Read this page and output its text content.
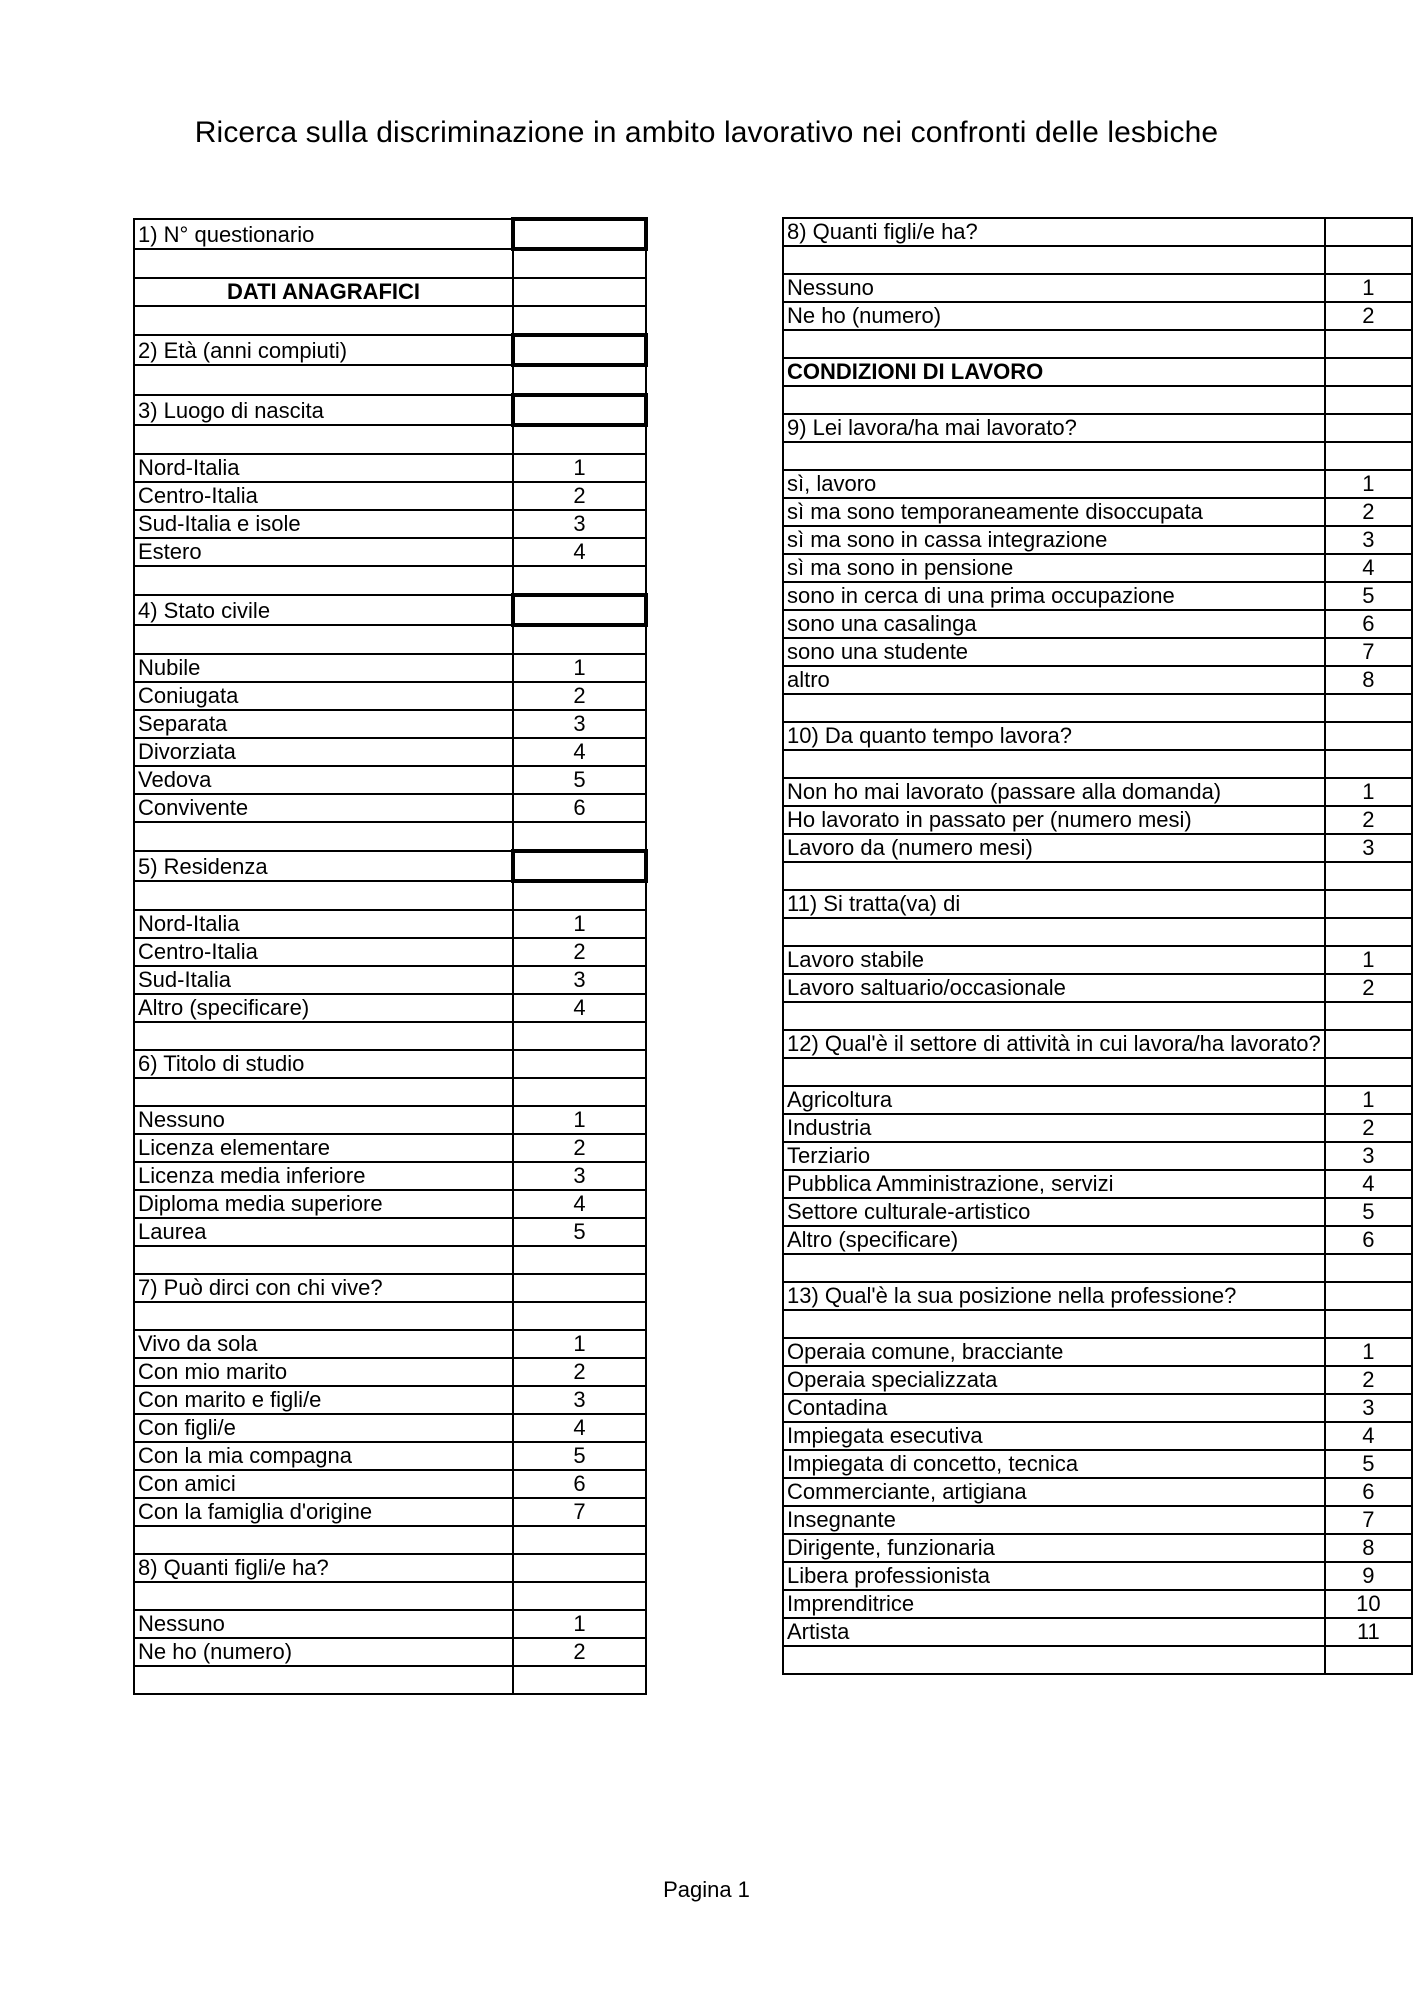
Ricerca sulla discriminazione in ambito lavorativo nei confronti delle lesbiche
1) N° questionario	

DATI ANAGRAFICI	

2) Età (anni compiuti)	

3) Luogo di nascita	

Nord-Italia	1
Centro-Italia	2
Sud-Italia e isole	3
Estero	4

4) Stato civile	

Nubile	1
Coniugata	2
Separata	3
Divorziata	4
Vedova	5
Convivente	6

5) Residenza	

Nord-Italia	1
Centro-Italia	2
Sud-Italia	3
Altro (specificare)	4

6) Titolo di studio	

Nessuno	1
Licenza elementare	2
Licenza media inferiore	3
Diploma media superiore	4
Laurea	5

7) Può dirci con chi vive?	

Vivo da sola	1
Con mio marito	2
Con marito e figli/e	3
Con figli/e	4
Con la mia compagna	5
Con amici	6
Con la famiglia d'origine	7

8) Quanti figli/e ha?	

Nessuno	1
Ne ho (numero)	2

8) Quanti figli/e ha?	

Nessuno	1
Ne ho (numero)	2

CONDIZIONI DI LAVORO	

9) Lei lavora/ha mai lavorato?	

sì, lavoro	1
sì ma sono temporaneamente disoccupata	2
sì ma sono in cassa integrazione	3
sì ma sono in pensione	4
sono in cerca di una prima occupazione	5
sono una casalinga	6
sono una studente	7
altro	8

10) Da quanto tempo lavora?	

Non ho mai lavorato (passare alla domanda)	1
Ho lavorato in passato per (numero mesi)	2
Lavoro da (numero mesi)	3

11) Si tratta(va) di	

Lavoro stabile	1
Lavoro saltuario/occasionale	2

12) Qual'è il settore di attività in cui lavora/ha lavorato?	

Agricoltura	1
Industria	2
Terziario	3
Pubblica Amministrazione, servizi	4
Settore culturale-artistico	5
Altro (specificare)	6

13) Qual'è la sua posizione nella professione?	

Operaia comune, bracciante	1
Operaia specializzata	2
Contadina	3
Impiegata esecutiva	4
Impiegata di concetto, tecnica	5
Commerciante, artigiana	6
Insegnante	7
Dirigente, funzionaria	8
Libera professionista	9
Imprenditrice	10
Artista	11

Pagina 1
